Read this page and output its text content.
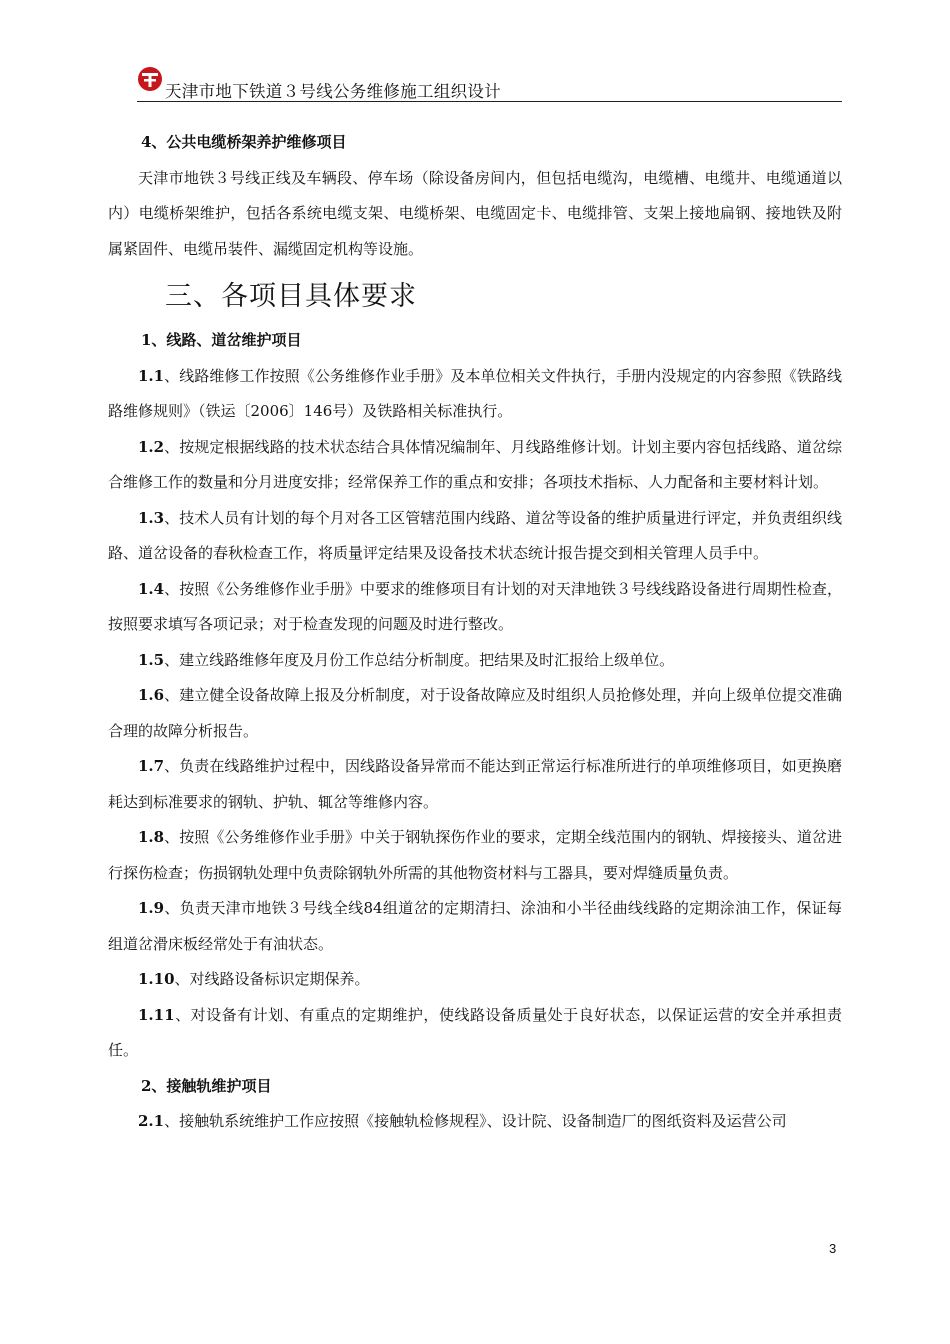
天津市地下铁道３号线公务维修施工组织设计

4、公共电缆桥架养护维修项目

天津市地铁３号线正线及车辆段、停车场（除设备房间内，但包括电缆沟，电缆槽、电缆井、电缆通道以内）电缆桥架维护，包括各系统电缆支架、电缆桥架、电缆固定卡、电缆排管、支架上接地扁钢、接地铁及附属紧固件、电缆吊装件、漏缆固定机构等设施。

三、各项目具体要求

1、线路、道岔维护项目

1.1、线路维修工作按照《公务维修作业手册》及本单位相关文件执行，手册内没规定的内容参照《铁路线路维修规则》（铁运〔2006〕146号）及铁路相关标准执行。

1.2、按规定根据线路的技术状态结合具体情况编制年、月线路维修计划。计划主要内容包括线路、道岔综合维修工作的数量和分月进度安排；经常保养工作的重点和安排；各项技术指标、人力配备和主要材料计划。

1.3、技术人员有计划的每个月对各工区管辖范围内线路、道岔等设备的维护质量进行评定，并负责组织线路、道岔设备的春秋检查工作，将质量评定结果及设备技术状态统计报告提交到相关管理人员手中。

1.4、按照《公务维修作业手册》中要求的维修项目有计划的对天津地铁３号线线路设备进行周期性检查，按照要求填写各项记录；对于检查发现的问题及时进行整改。

1.5、建立线路维修年度及月份工作总结分析制度。把结果及时汇报给上级单位。

1.6、建立健全设备故障上报及分析制度，对于设备故障应及时组织人员抢修处理，并向上级单位提交准确合理的故障分析报告。

1.7、负责在线路维护过程中，因线路设备异常而不能达到正常运行标准所进行的单项维修项目，如更换磨耗达到标准要求的钢轨、护轨、辄岔等维修内容。

1.8、按照《公务维修作业手册》中关于钢轨探伤作业的要求，定期全线范围内的钢轨、焊接接头、道岔进行探伤检查；伤损钢轨处理中负责除钢轨外所需的其他物资材料与工器具，要对焊缝质量负责。

1.9、负责天津市地铁３号线全线84组道岔的定期清扫、涂油和小半径曲线线路的定期涂油工作，保证每组道岔滑床板经常处于有油状态。

1.10、对线路设备标识定期保养。

1.11、对设备有计划、有重点的定期维护，使线路设备质量处于良好状态，以保证运营的安全并承担责任。

2、接触轨维护项目

2.1、接触轨系统维护工作应按照《接触轨检修规程》、设计院、设备制造厂的图纸资料及运营公司

3
